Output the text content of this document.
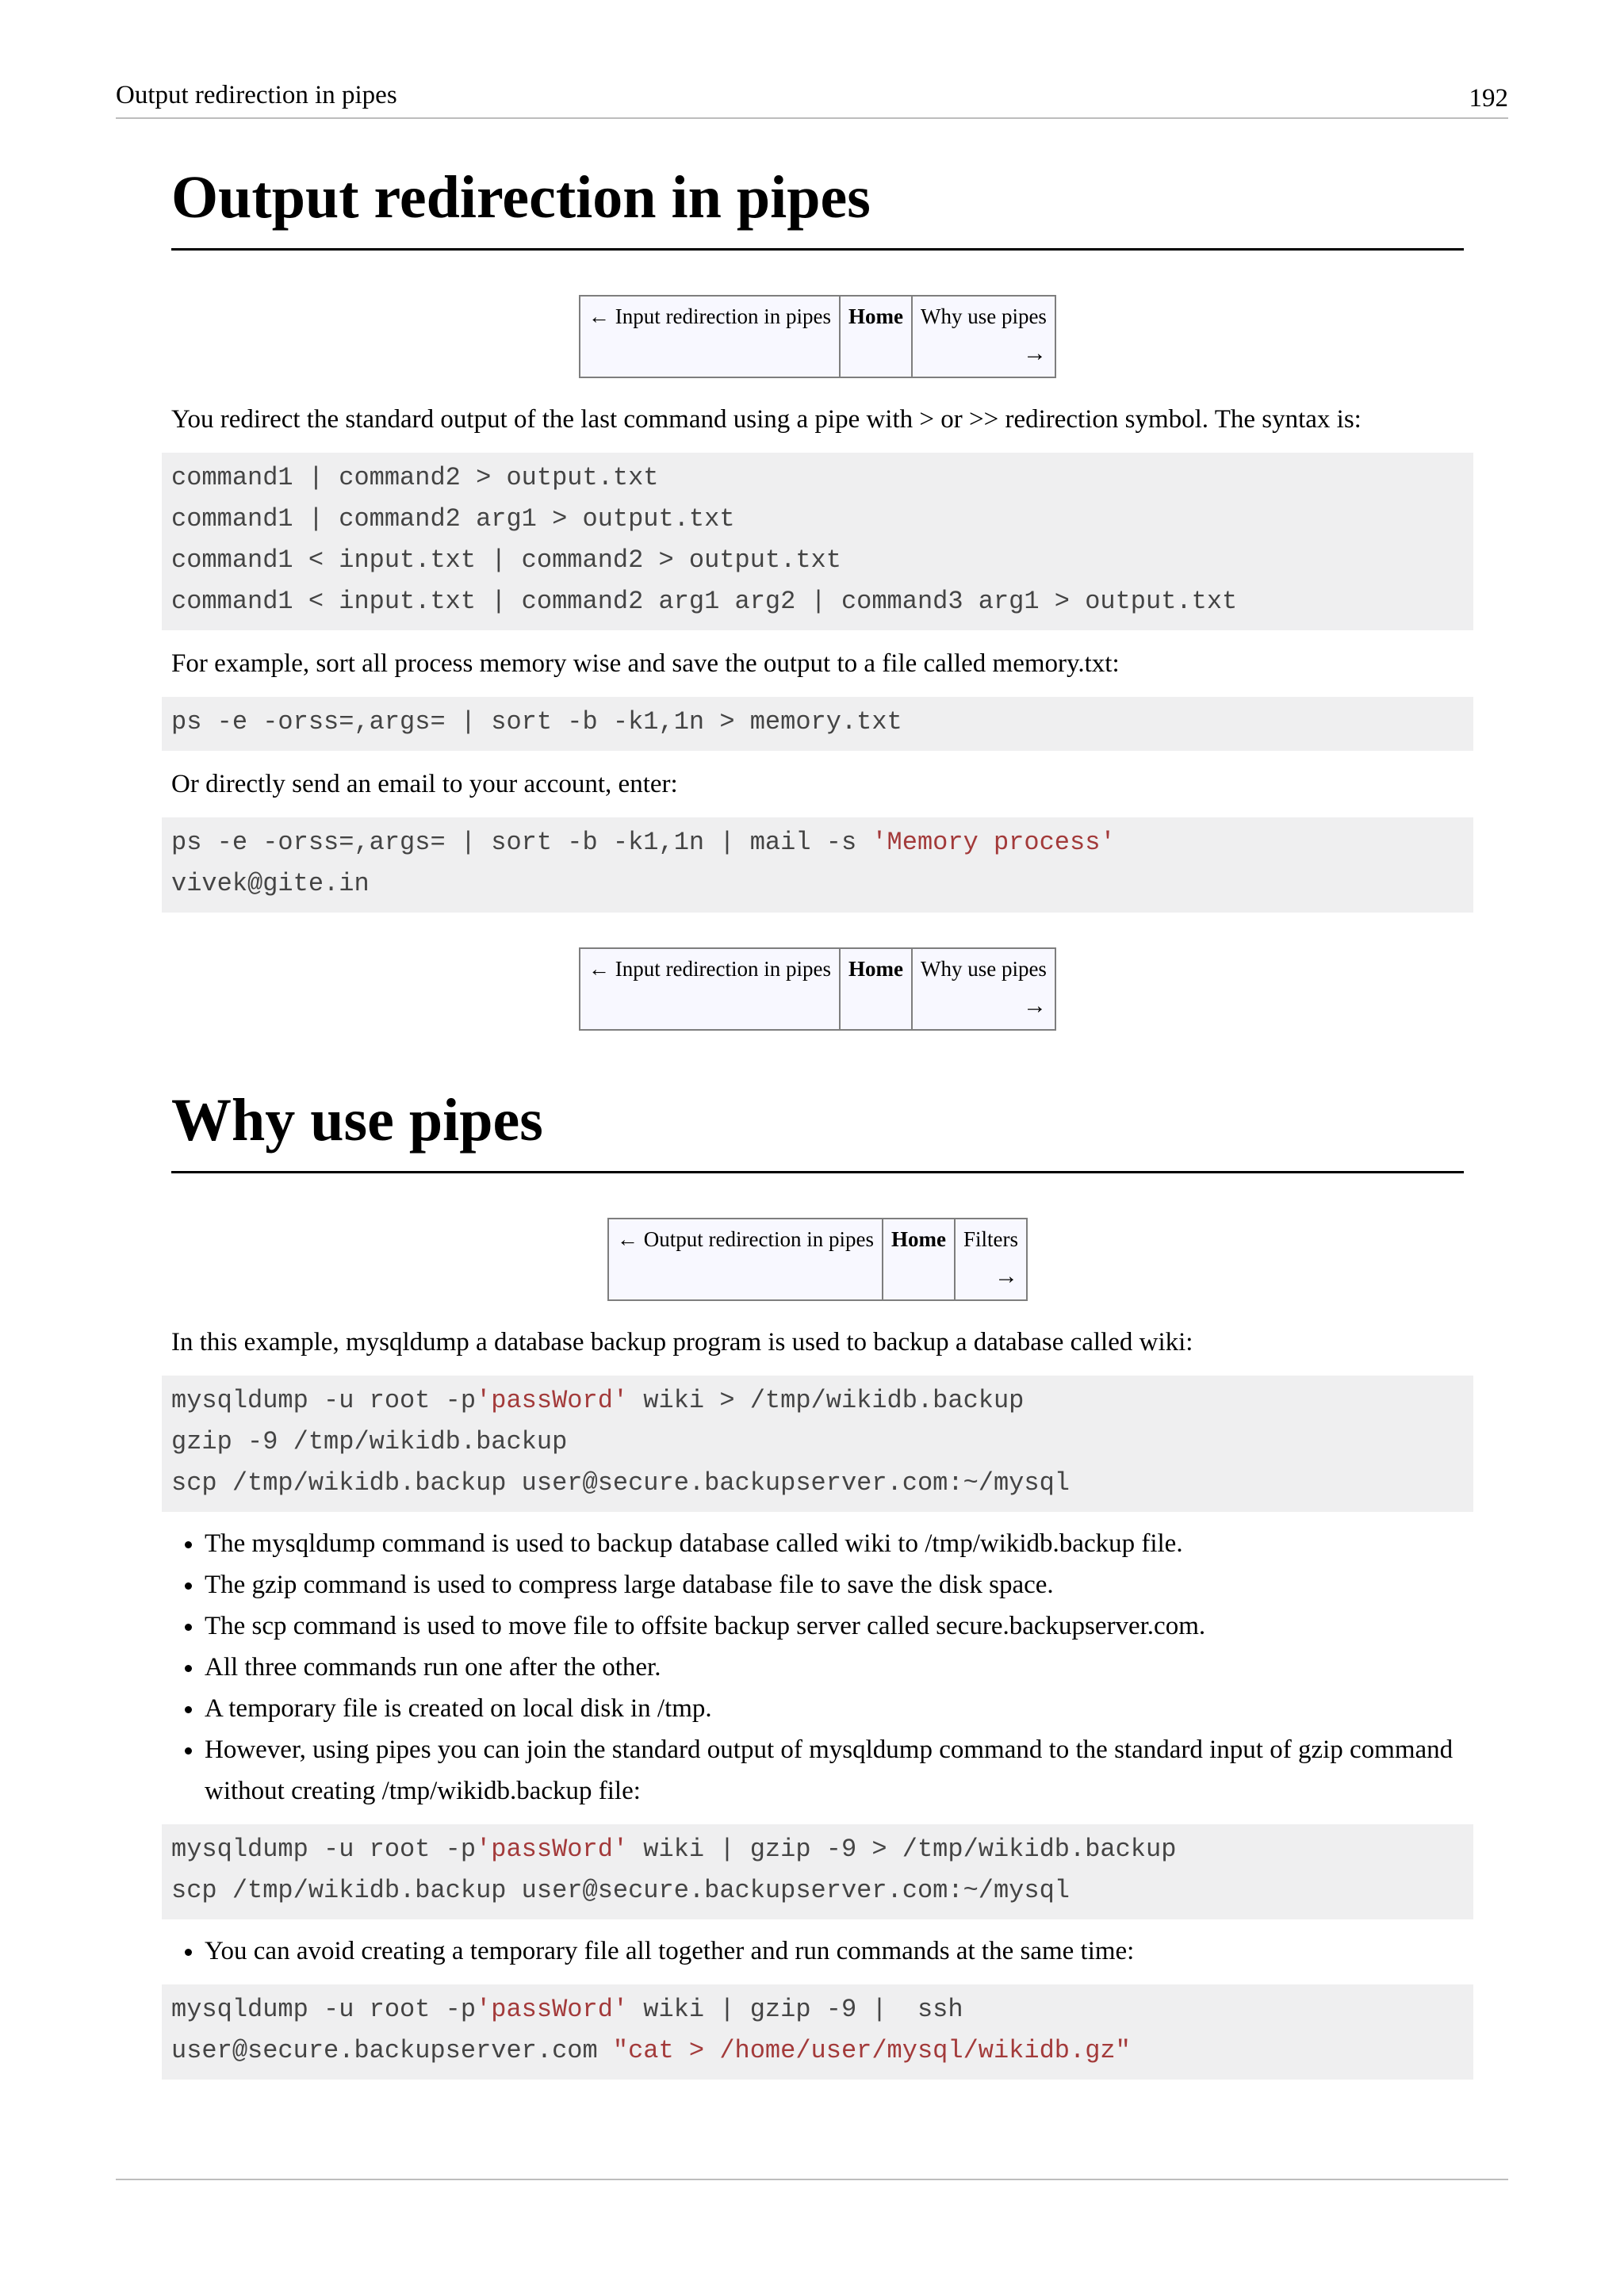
Output redirection in pipes	192
Output redirection in pipes
← Input redirection in pipes	Home	Why use pipes
→

You redirect the standard output of the last command using a pipe with > or >> redirection symbol. The syntax is:

command1 | command2 > output.txt
command1 | command2 arg1 > output.txt
command1 < input.txt | command2 > output.txt
command1 < input.txt | command2 arg1 arg2 | command3 arg1 > output.txt

For example, sort all process memory wise and save the output to a file called memory.txt:

ps -e -orss=,args= | sort -b -k1,1n > memory.txt

Or directly send an email to your account, enter:

ps -e -orss=,args= | sort -b -k1,1n | mail -s 'Memory process'
vivek@gite.in
← Input redirection in pipes	Home	Why use pipes
→
Why use pipes
← Output redirection in pipes	Home	Filters
→

In this example, mysqldump a database backup program is used to backup a database called wiki:

mysqldump -u root -p'passWord' wiki > /tmp/wikidb.backup
gzip -9 /tmp/wikidb.backup
scp /tmp/wikidb.backup user@secure.backupserver.com:~/mysql
• The mysqldump command is used to backup database called wiki to /tmp/wikidb.backup file.
• The gzip command is used to compress large database file to save the disk space.
• The scp command is used to move file to offsite backup server called secure.backupserver.com.
• All three commands run one after the other.
• A temporary file is created on local disk in /tmp.
• However, using pipes you can join the standard output of mysqldump command to the standard input of gzip command without creating /tmp/wikidb.backup file:
mysqldump -u root -p'passWord' wiki | gzip -9 > /tmp/wikidb.backup
scp /tmp/wikidb.backup user@secure.backupserver.com:~/mysql
• You can avoid creating a temporary file all together and run commands at the same time:
mysqldump -u root -p'passWord' wiki | gzip -9 |  ssh
user@secure.backupserver.com "cat > /home/user/mysql/wikidb.gz"
